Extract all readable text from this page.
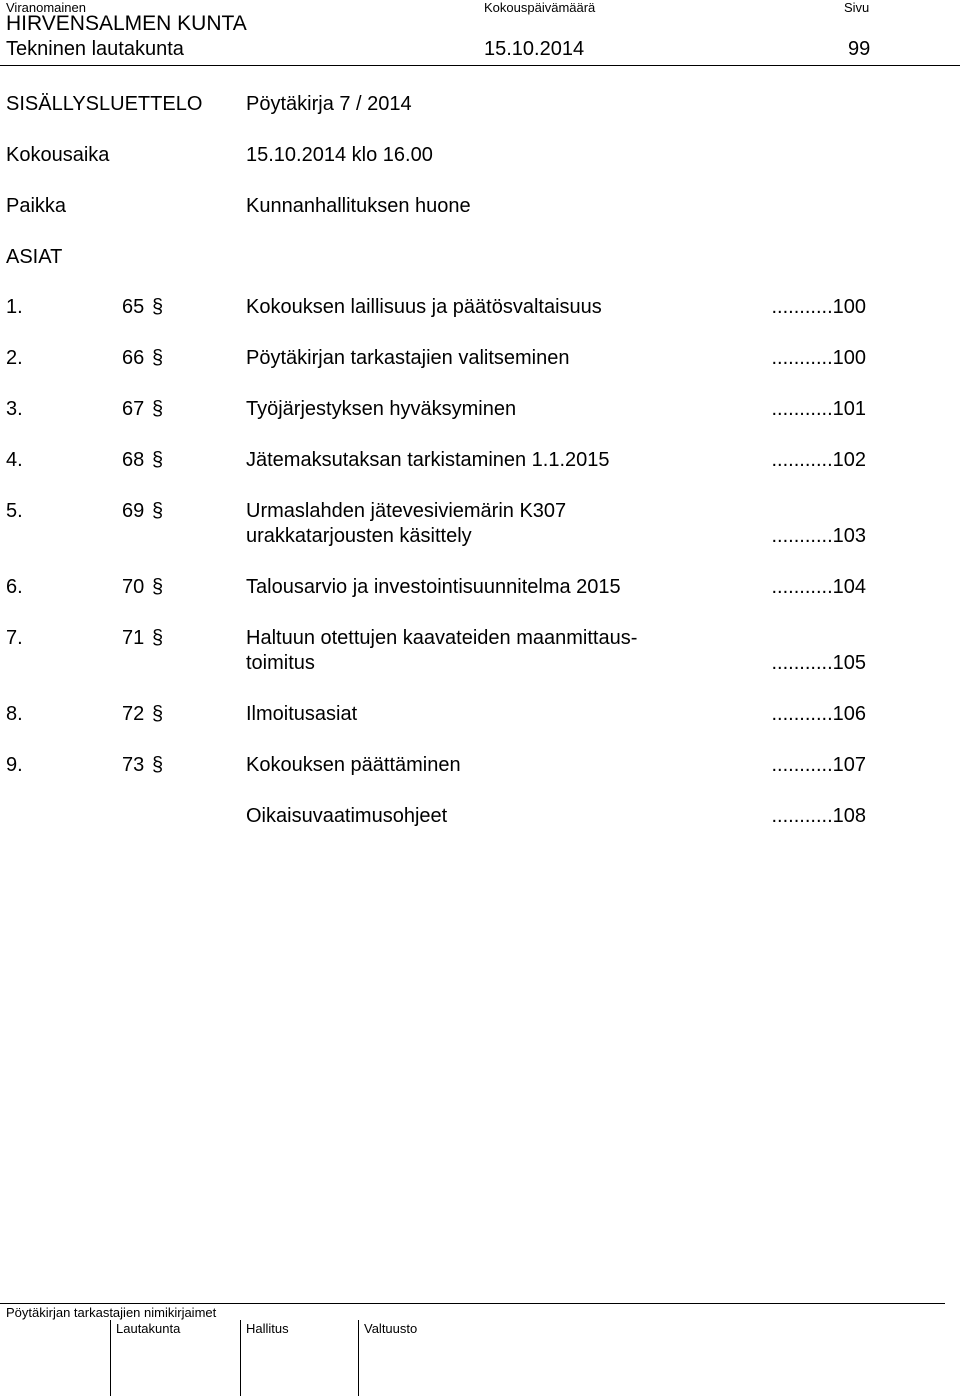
Viranomainen	Kokouspäivämäärä	Sivu
HIRVENSALMEN KUNTA
Tekninen lautakunta	15.10.2014	99
SISÄLLYSLUETTELO Pöytäkirja 7 / 2014
Kokousaika	15.10.2014 klo 16.00
Paikka	Kunnanhallituksen huone
ASIAT
1.	65 §	Kokouksen laillisuus ja päätösvaltaisuus	...........100
2.	66 §	Pöytäkirjan tarkastajien valitseminen	...........100
3.	67 §	Työjärjestyksen hyväksyminen	...........101
4.	68 §	Jätemaksutaksan tarkistaminen 1.1.2015	...........102
5.	69 §	Urmaslahden jätevesiviemärin K307
urakkatarjousten käsittely	...........103
6.	70 §	Talousarvio ja investointisuunnitelma 2015	...........104
7.	71 §	Haltuun otettujen kaavateiden maanmittaus-
toimitus	...........105
8.	72 §	Ilmoitusasiat	...........106
9.	73 §	Kokouksen päättäminen	...........107
Oikaisuvaatimusohjeet	...........108
Pöytäkirjan tarkastajien nimikirjaimet
Lautakunta	Hallitus	Valtuusto
